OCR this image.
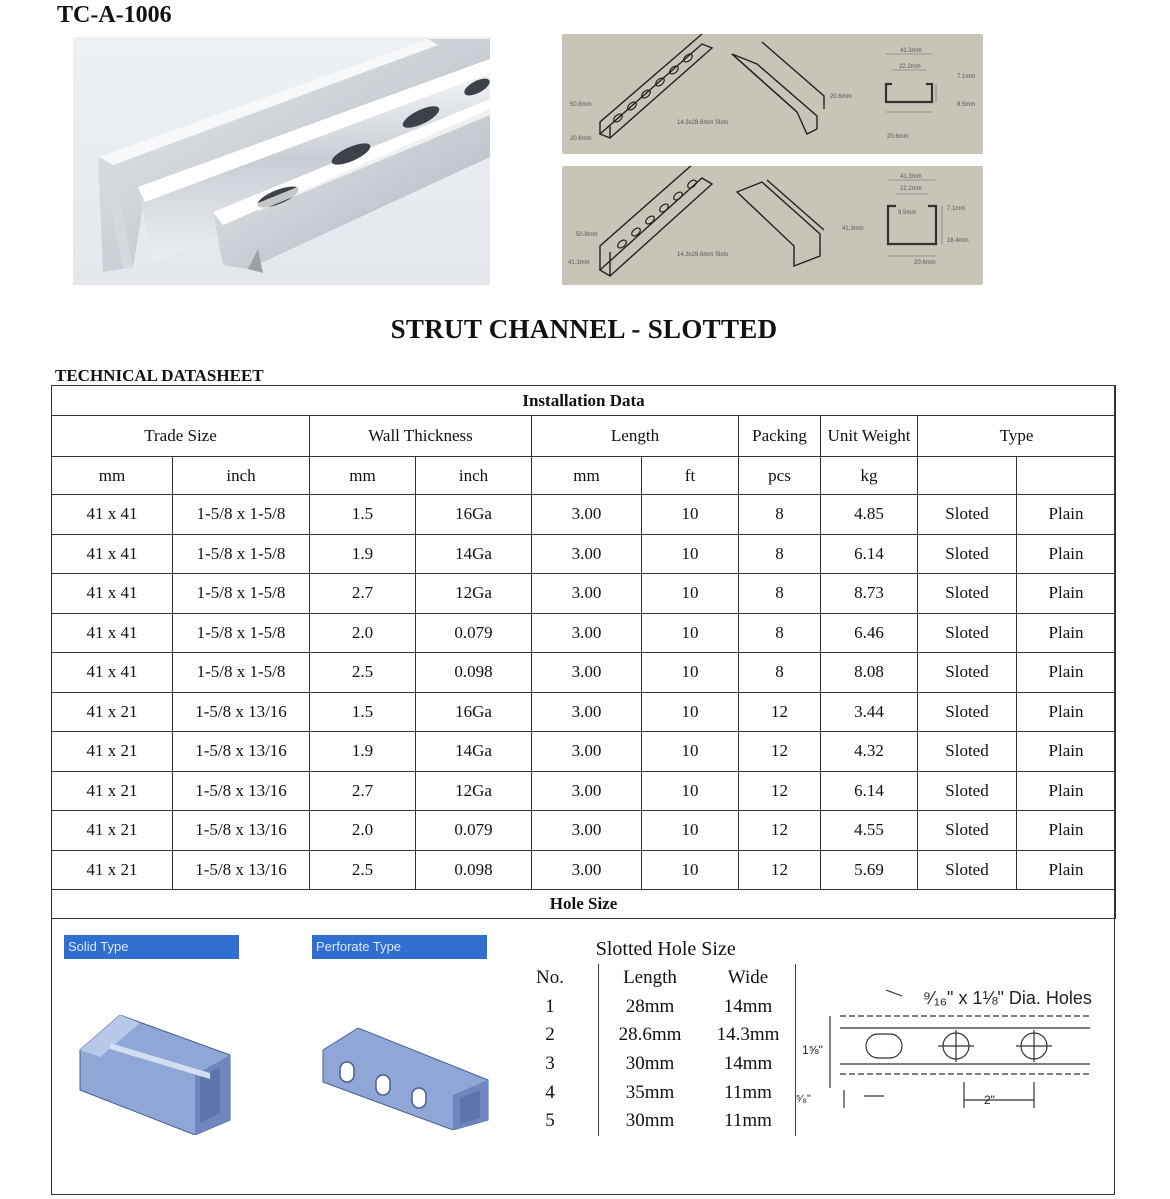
TC-A-1006
41.3mm
22.2mm
7.1mm
8.5mm
20.6mm
20.6mm
50.8mm
20.6mm
14.3x28.6mm Slots
41.3mm
22.2mm
9.5mm
7.1mm
18.4mm
41.3mm
20.6mm
50.8mm
41.3mm
14.3x28.6mm Slots
STRUT CHANNEL - SLOTTED
TECHNICAL DATASHEET
Installation Data									
Trade Size		Wall Thickness		Length		Packing	Unit Weight	Type	
mm	inch	mm	inch	mm	ft	pcs	kg		
41 x 41	1-5/8 x 1-5/8	1.5	16Ga	3.00	10	8	4.85	Sloted	Plain
41 x 41	1-5/8 x 1-5/8	1.9	14Ga	3.00	10	8	6.14	Sloted	Plain
41 x 41	1-5/8 x 1-5/8	2.7	12Ga	3.00	10	8	8.73	Sloted	Plain
41 x 41	1-5/8 x 1-5/8	2.0	0.079	3.00	10	8	6.46	Sloted	Plain
41 x 41	1-5/8 x 1-5/8	2.5	0.098	3.00	10	8	8.08	Sloted	Plain
41 x 21	1-5/8 x 13/16	1.5	16Ga	3.00	10	12	3.44	Sloted	Plain
41 x 21	1-5/8 x 13/16	1.9	14Ga	3.00	10	12	4.32	Sloted	Plain
41 x 21	1-5/8 x 13/16	2.7	12Ga	3.00	10	12	6.14	Sloted	Plain
41 x 21	1-5/8 x 13/16	2.0	0.079	3.00	10	12	4.55	Sloted	Plain
41 x 21	1-5/8 x 13/16	2.5	0.098	3.00	10	12	5.69	Sloted	Plain
Hole Size									
Solid Type	Perforate Type	Slotted Hole Size		
No.	Length	Wide
1	28mm	14mm
2	28.6mm	14.3mm
3	30mm	14mm
4	35mm	11mm
5	30mm	11mm
⁹⁄₁₆" x 1⅛" Dia. Holes
1⅝"
⁵⁄₈"	2"
